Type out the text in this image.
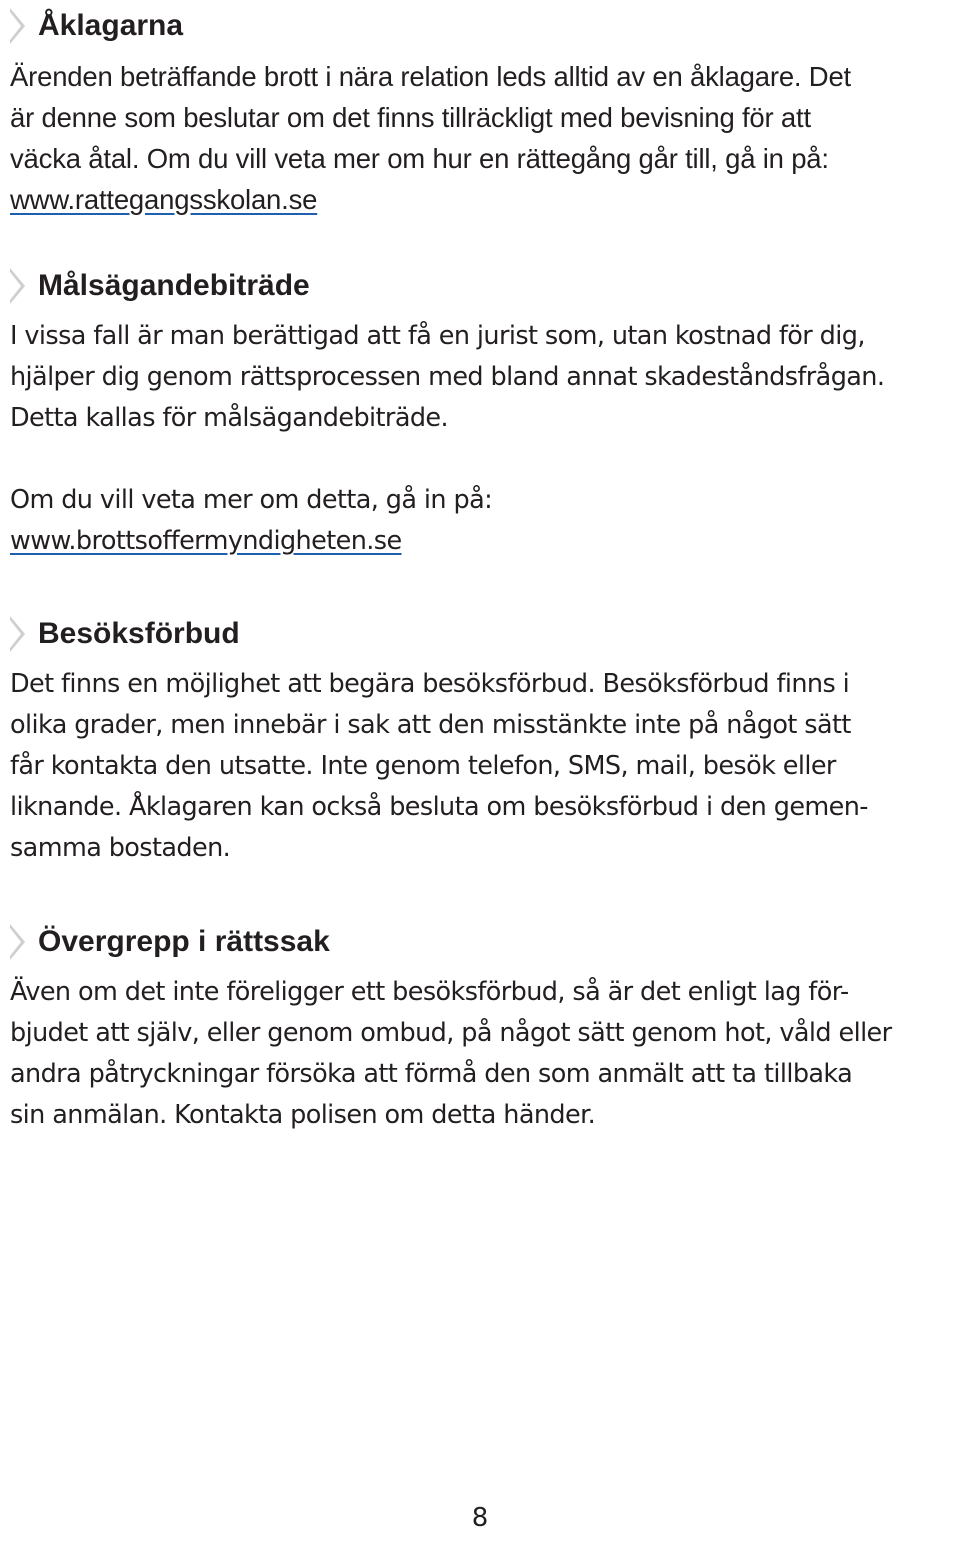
Åklagarna
Ärenden beträffande brott i nära relation leds alltid av en åklagare. Det
är denne som beslutar om det finns tillräckligt med bevisning för att
väcka åtal. Om du vill veta mer om hur en rättegång går till, gå in på:
www.rattegangsskolan.se
Målsägandebiträde
I vissa fall är man berättigad att få en jurist som, utan kostnad för dig,
hjälper dig genom rättsprocessen med bland annat skadeståndsfrågan.
Detta kallas för målsägandebiträde.
Om du vill veta mer om detta, gå in på:
www.brottsoffermyndigheten.se
Besöksförbud
Det finns en möjlighet att begära besöksförbud. Besöksförbud finns i
olika grader, men innebär i sak att den misstänkte inte på något sätt
får kontakta den utsatte. Inte genom telefon, SMS, mail, besök eller
liknande. Åklagaren kan också besluta om besöksförbud i den gemen-
samma bostaden.
Övergrepp i rättssak
Även om det inte föreligger ett besöksförbud, så är det enligt lag för-
bjudet att själv, eller genom ombud, på något sätt genom hot, våld eller
andra påtryckningar försöka att förmå den som anmält att ta tillbaka
sin anmälan. Kontakta polisen om detta händer.
8
